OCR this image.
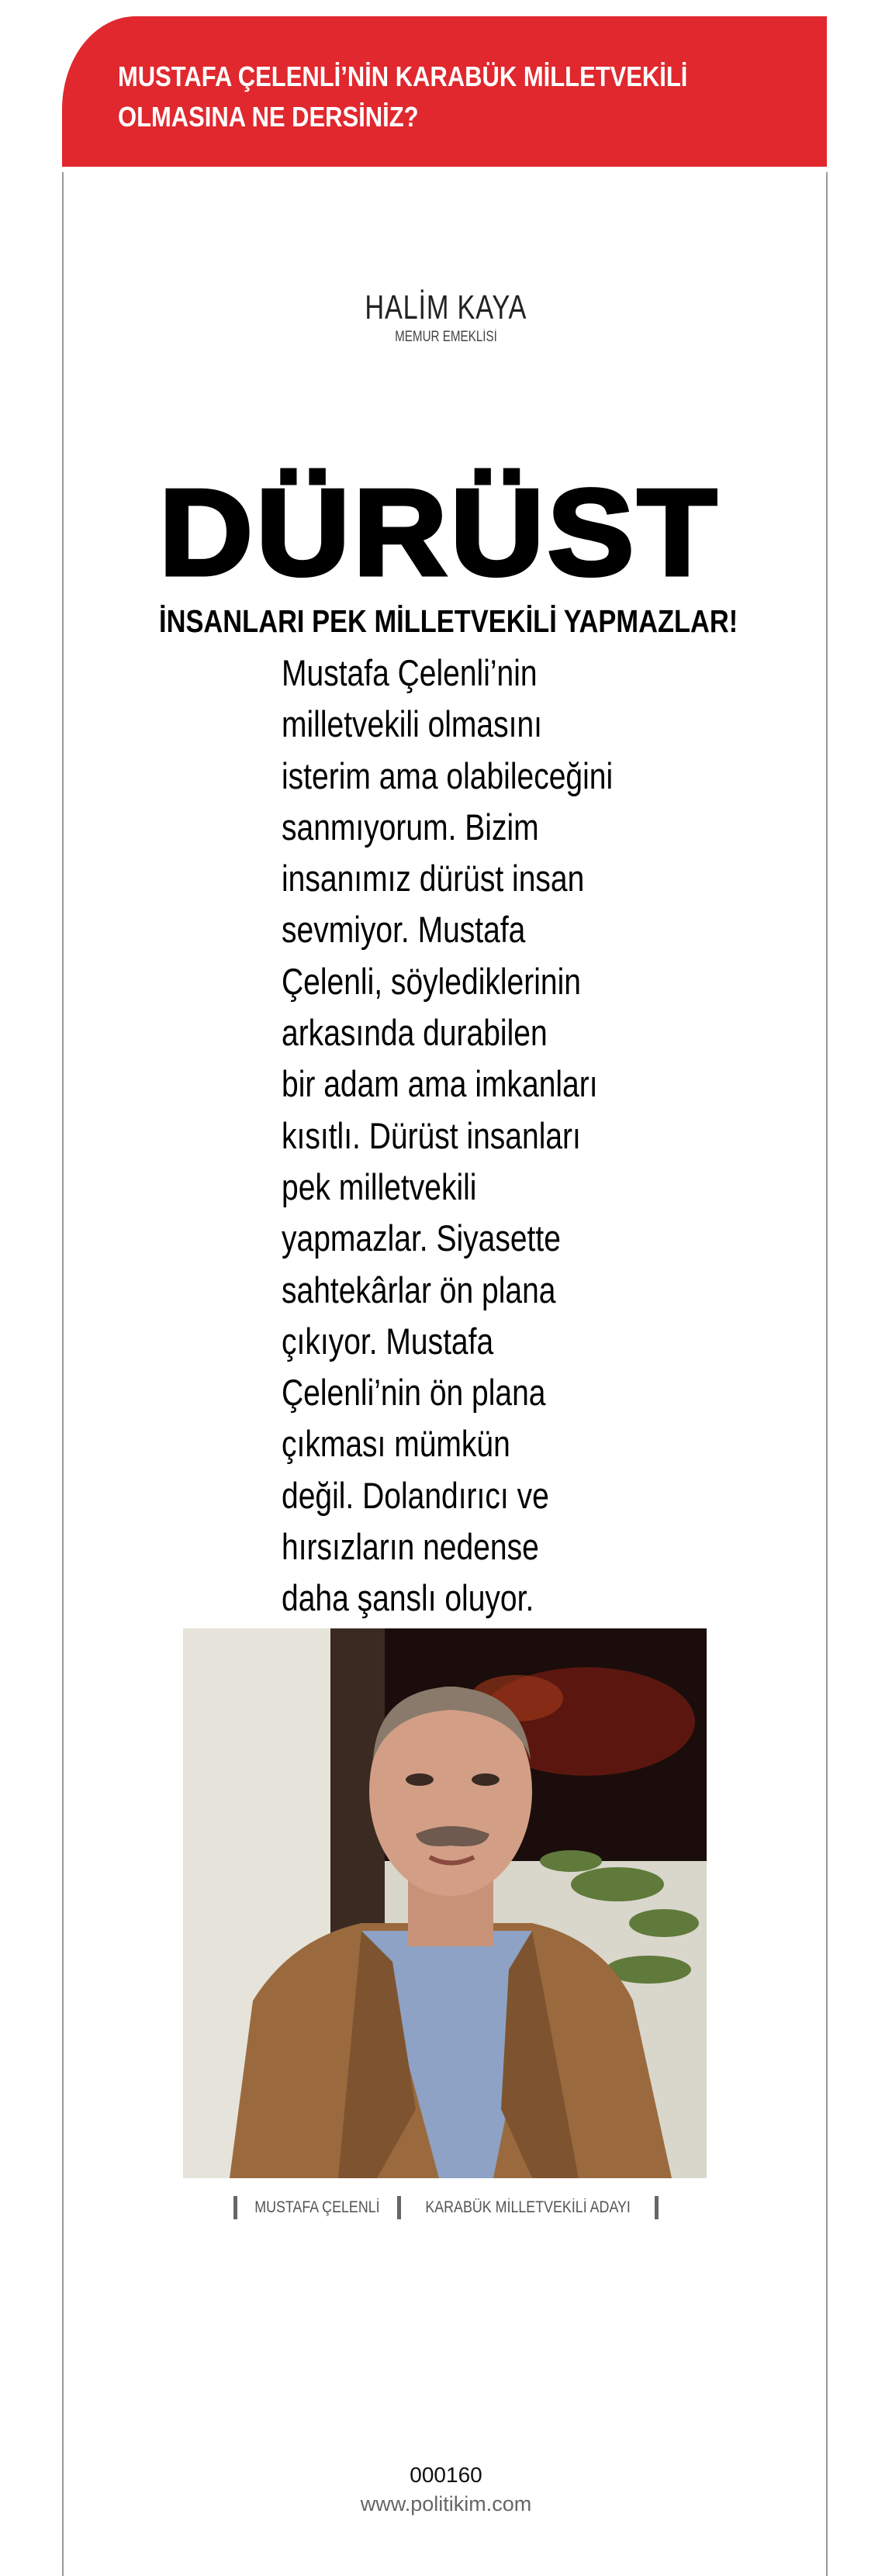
MUSTAFA ÇELENLİ’NİN KARABÜK MİLLETVEKİLİ
OLMASINA NE DERSİNİZ?
HALİM KAYA
MEMUR EMEKLİSİ
DÜRÜST
İNSANLARI PEK MİLLETVEKİLİ YAPMAZLAR!
Mustafa Çelenli’nin
milletvekili olmasını
isterim ama olabileceğini
sanmıyorum. Bizim
insanımız dürüst insan
sevmiyor. Mustafa
Çelenli, söylediklerinin
arkasında durabilen
bir adam ama imkanları
kısıtlı. Dürüst insanları
pek milletvekili
yapmazlar. Siyasette
sahtekârlar ön plana
çıkıyor. Mustafa
Çelenli’nin ön plana
çıkması mümkün
değil. Dolandırıcı ve
hırsızların nedense
daha şanslı oluyor.
MUSTAFA ÇELENLİ	KARABÜK MİLLETVEKİLİ ADAYI
000160
www.politikim.com
